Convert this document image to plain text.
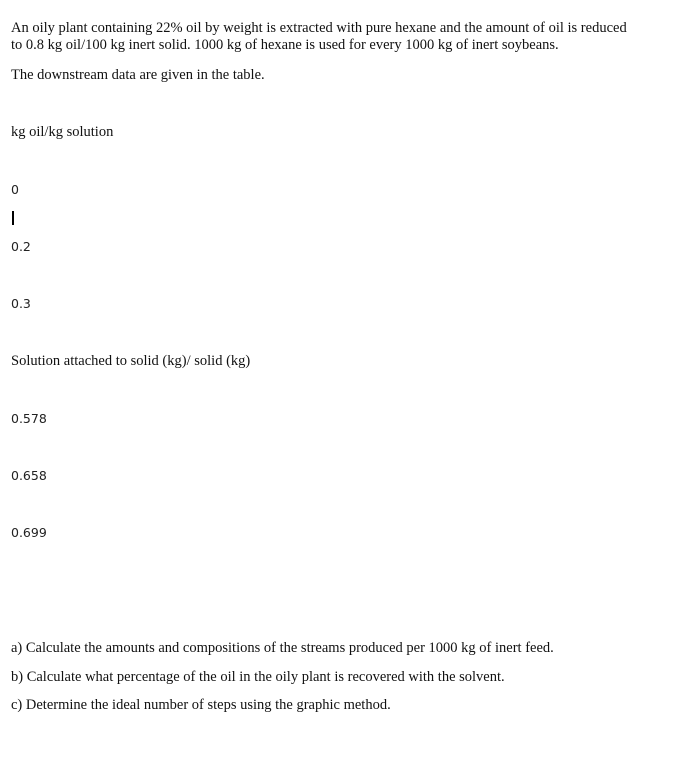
An oily plant containing 22% oil by weight is extracted with pure hexane and the amount of oil is reduced
to 0.8 kg oil/100 kg inert solid. 1000 kg of hexane is used for every 1000 kg of inert soybeans.
The downstream data are given in the table.
kg oil/kg solution
0
0.2
0.3
Solution attached to solid (kg)/ solid (kg)
0.578
0.658
0.699
a) Calculate the amounts and compositions of the streams produced per 1000 kg of inert feed.
b) Calculate what percentage of the oil in the oily plant is recovered with the solvent.
c) Determine the ideal number of steps using the graphic method.
